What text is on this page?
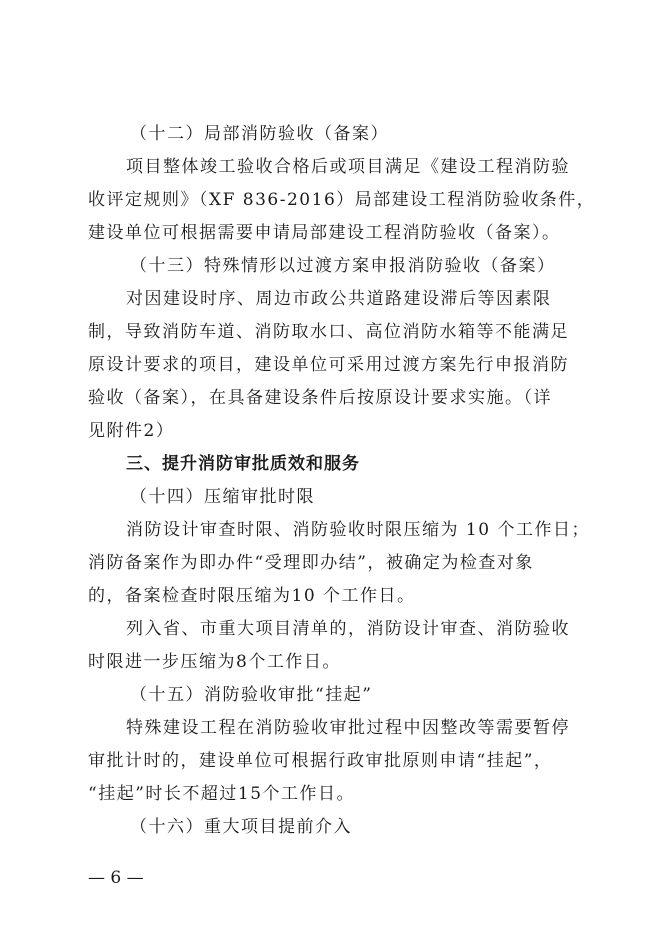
（十二）局部消防验收（备案）
项目整体竣工验收合格后或项目满足《建设工程消防验
收评定规则》（XF 836-2016）局部建设工程消防验收条件，
建设单位可根据需要申请局部建设工程消防验收（备案）。
（十三）特殊情形以过渡方案申报消防验收（备案）
对因建设时序、周边市政公共道路建设滞后等因素限
制，导致消防车道、消防取水口、高位消防水箱等不能满足
原设计要求的项目，建设单位可采用过渡方案先行申报消防
验收（备案），在具备建设条件后按原设计要求实施。（详
见附件2）
三、提升消防审批质效和服务
（十四）压缩审批时限
消防设计审查时限、消防验收时限压缩为 10 个工作日；
消防备案作为即办件“受理即办结”，被确定为检查对象
的，备案检查时限压缩为10 个工作日。
列入省、市重大项目清单的，消防设计审查、消防验收
时限进一步压缩为8个工作日。
（十五）消防验收审批“挂起”
特殊建设工程在消防验收审批过程中因整改等需要暂停
审批计时的，建设单位可根据行政审批原则申请“挂起”，
“挂起”时长不超过15个工作日。
（十六）重大项目提前介入
— 6 —
